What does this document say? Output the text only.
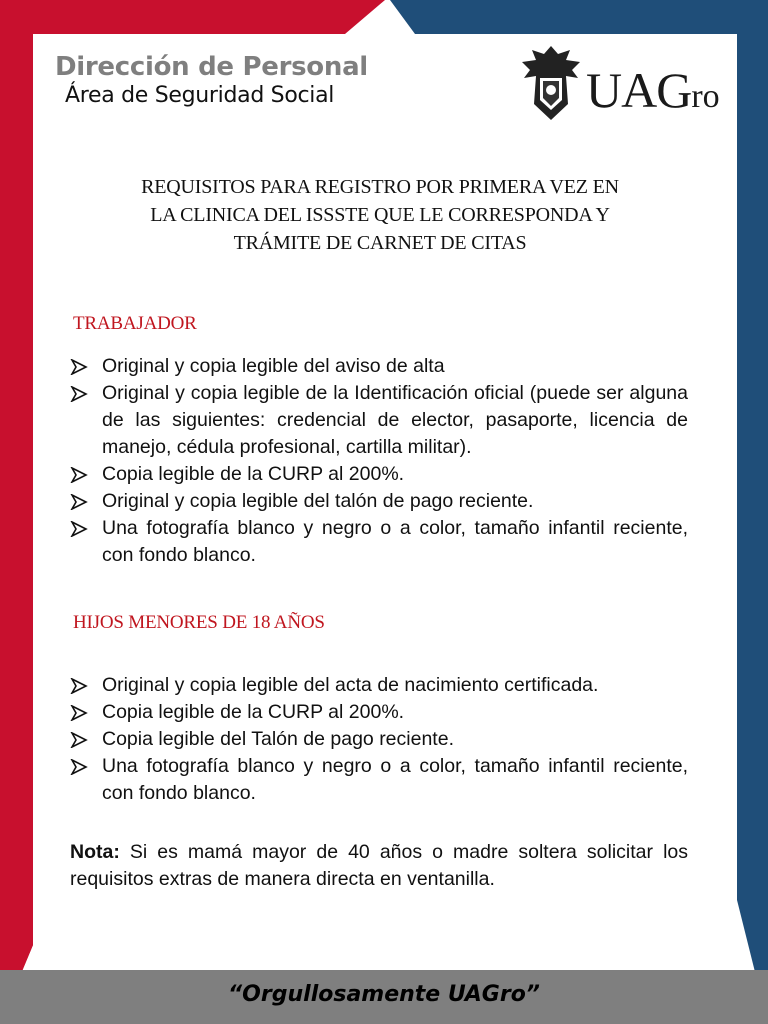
Dirección de Personal
Área de Seguridad Social	UAGro
REQUISITOS PARA REGISTRO POR PRIMERA VEZ EN
LA CLINICA DEL ISSSTE QUE LE CORRESPONDA Y
TRÁMITE DE CARNET DE CITAS
TRABAJADOR
Original y copia legible del aviso de alta
Original y copia legible de la Identificación oficial (puede ser alguna de las siguientes: credencial de elector, pasaporte, licencia de manejo, cédula profesional, cartilla militar).
Copia legible de la CURP al 200%.
Original y copia legible del talón de pago reciente.
Una fotografía blanco y negro o a color, tamaño infantil reciente, con fondo blanco.
HIJOS MENORES DE 18 AÑOS
Original y copia legible del acta de nacimiento certificada.
Copia legible de la CURP al 200%.
Copia legible del Talón de pago reciente.
Una fotografía blanco y negro o a color, tamaño infantil reciente, con fondo blanco.
Nota: Si es mamá mayor de 40 años o madre soltera solicitar los requisitos extras de manera directa en ventanilla.
“Orgullosamente UAGro”
